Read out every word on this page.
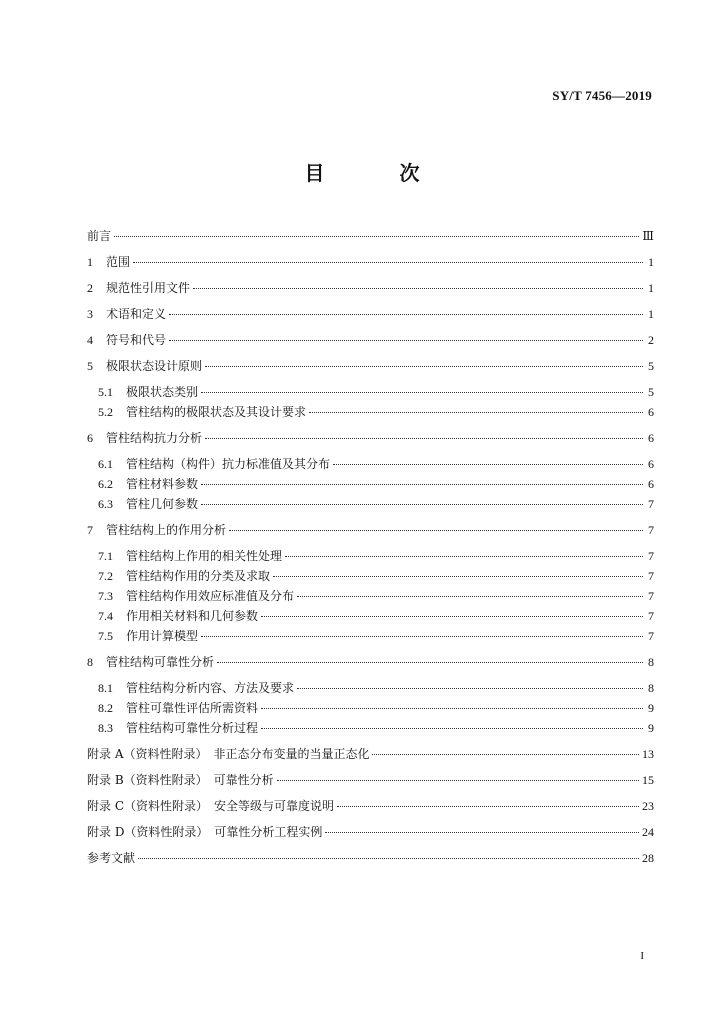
SY/T 7456—2019
目 次
前言	Ⅲ
1	范围	1
2	规范性引用文件	1
3	术语和定义	1
4	符号和代号	2
5	极限状态设计原则	5
5.1	极限状态类别	5
5.2	管柱结构的极限状态及其设计要求	6
6	管柱结构抗力分析	6
6.1	管柱结构（构件）抗力标准值及其分布	6
6.2	管柱材料参数	6
6.3	管柱几何参数	7
7	管柱结构上的作用分析	7
7.1	管柱结构上作用的相关性处理	7
7.2	管柱结构作用的分类及求取	7
7.3	管柱结构作用效应标准值及分布	7
7.4	作用相关材料和几何参数	7
7.5	作用计算模型	7
8	管柱结构可靠性分析	8
8.1	管柱结构分析内容、方法及要求	8
8.2	管柱可靠性评估所需资料	9
8.3	管柱结构可靠性分析过程	9
附录 A（资料性附录）　非正态分布变量的当量正态化	13
附录 B（资料性附录）　可靠性分析	15
附录 C（资料性附录）　安全等级与可靠度说明	23
附录 D（资料性附录）　可靠性分析工程实例	24
参考文献	28
I
